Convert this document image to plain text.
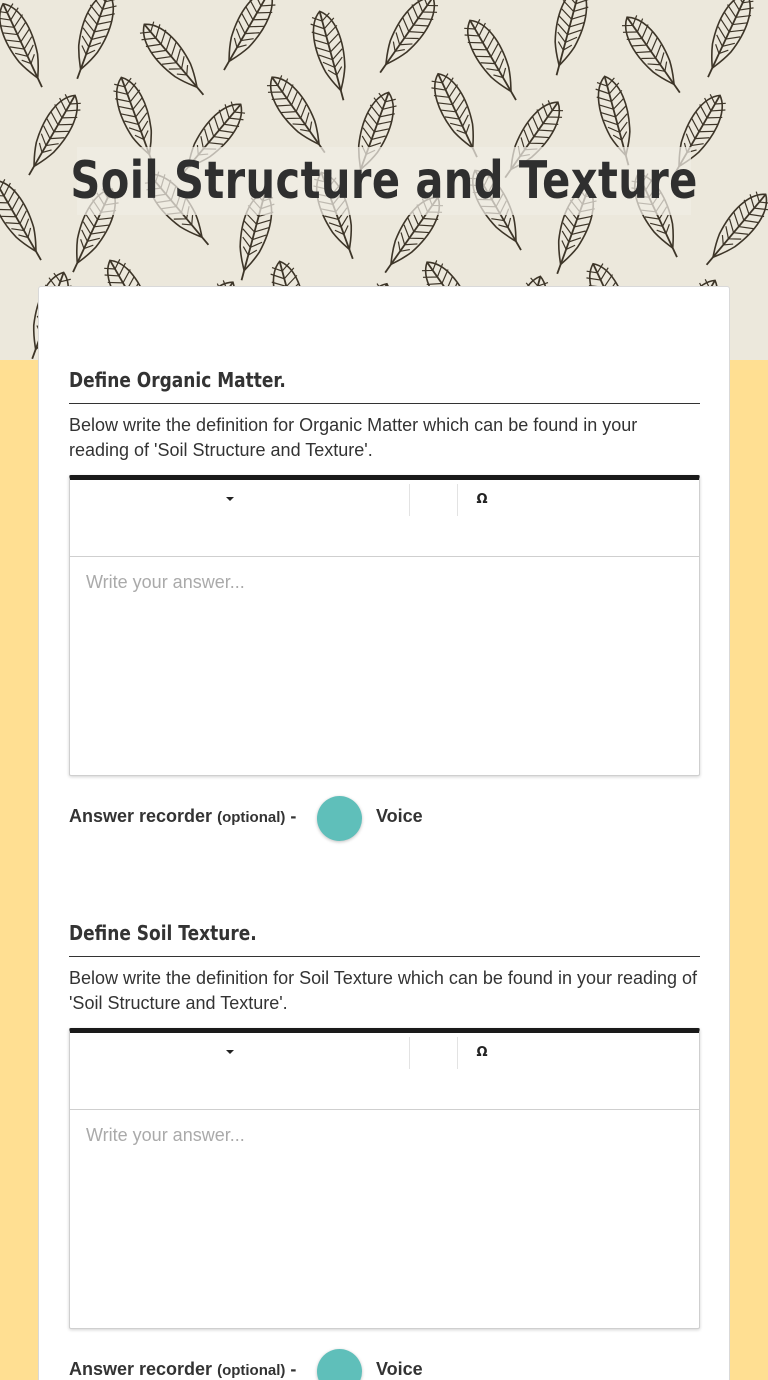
Soil Structure and Texture
Define Organic Matter.
Below write the definition for Organic Matter which can be found in your reading of 'Soil Structure and Texture'.
Ω
Write your answer...
Answer recorder (optional) -	Voice
Define Soil Texture.
Below write the definition for Soil Texture which can be found in your reading of 'Soil Structure and Texture'.
Ω
Write your answer...
Answer recorder (optional) -	Voice
